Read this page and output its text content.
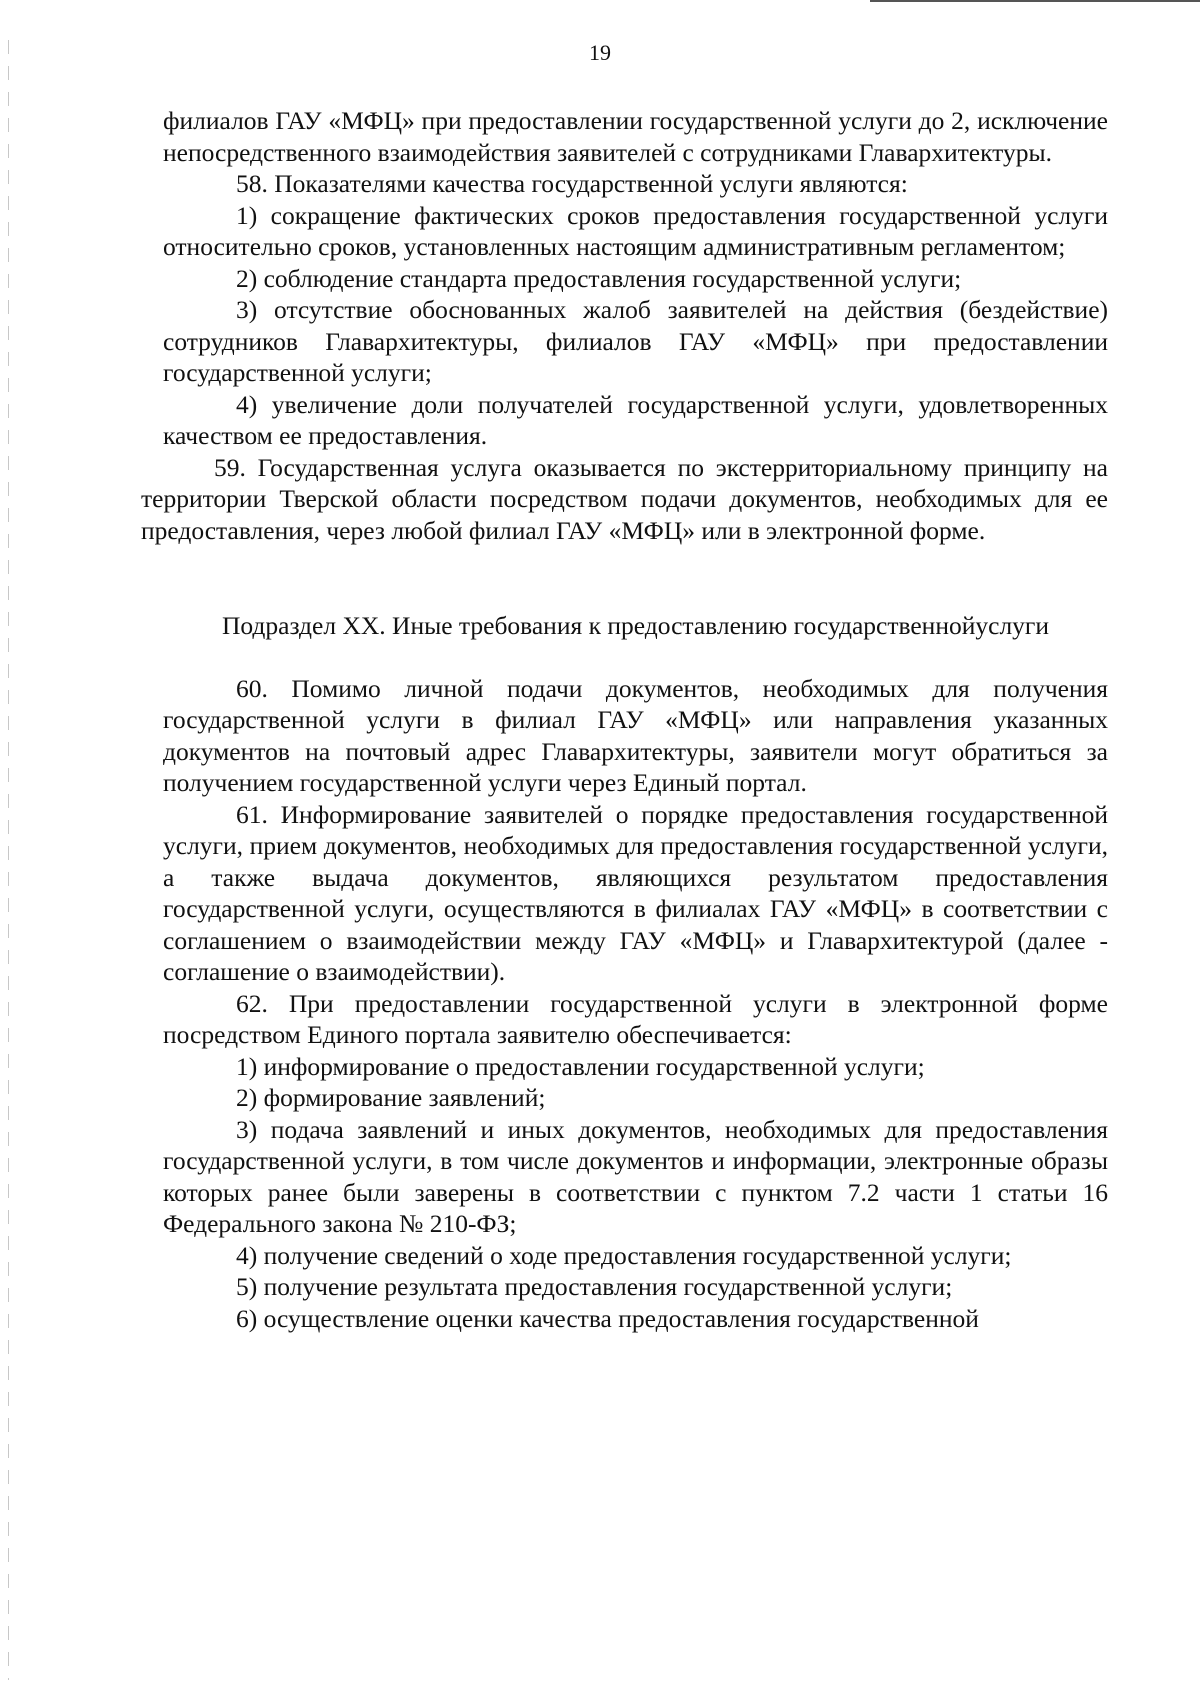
19

филиалов ГАУ «МФЦ» при предоставлении государственной услуги до 2, исключение непосредственного взаимодействия заявителей с сотрудниками Главархитектуры.

58. Показателями качества государственной услуги являются:

1) сокращение фактических сроков предоставления государственной услуги относительно сроков, установленных настоящим административным регламентом;

2) соблюдение стандарта предоставления государственной услуги;

3) отсутствие обоснованных жалоб заявителей на действия (бездействие) сотрудников Главархитектуры, филиалов ГАУ «МФЦ» при предоставлении государственной услуги;

4) увеличение доли получателей государственной услуги, удовлетворенных качеством ее предоставления.

59. Государственная услуга оказывается по экстерриториальному принципу на территории Тверской области посредством подачи документов, необходимых для ее предоставления, через любой филиал ГАУ «МФЦ» или в электронной форме.

Подраздел XX. Иные требования к предоставлению государственнойуслуги

60. Помимо личной подачи документов, необходимых для получения государственной услуги в филиал ГАУ «МФЦ» или направления указанных документов на почтовый адрес Главархитектуры, заявители могут обратиться за получением государственной услуги через Единый портал.

61. Информирование заявителей о порядке предоставления государственной услуги, прием документов, необходимых для предоставления государственной услуги, а также выдача документов, являющихся результатом предоставления государственной услуги, осуществляются в филиалах ГАУ «МФЦ» в соответствии с соглашением о взаимодействии между ГАУ «МФЦ» и Главархитектурой (далее - соглашение о взаимодействии).

62. При предоставлении государственной услуги в электронной форме посредством Единого портала заявителю обеспечивается:

1) информирование о предоставлении государственной услуги;

2) формирование заявлений;

3) подача заявлений и иных документов, необходимых для предоставления государственной услуги, в том числе документов и информации, электронные образы которых ранее были заверены в соответствии с пунктом 7.2 части 1 статьи 16 Федерального закона № 210-ФЗ;

4) получение сведений о ходе предоставления государственной услуги;

5) получение результата предоставления государственной услуги;

6) осуществление оценки качества предоставления государственной
